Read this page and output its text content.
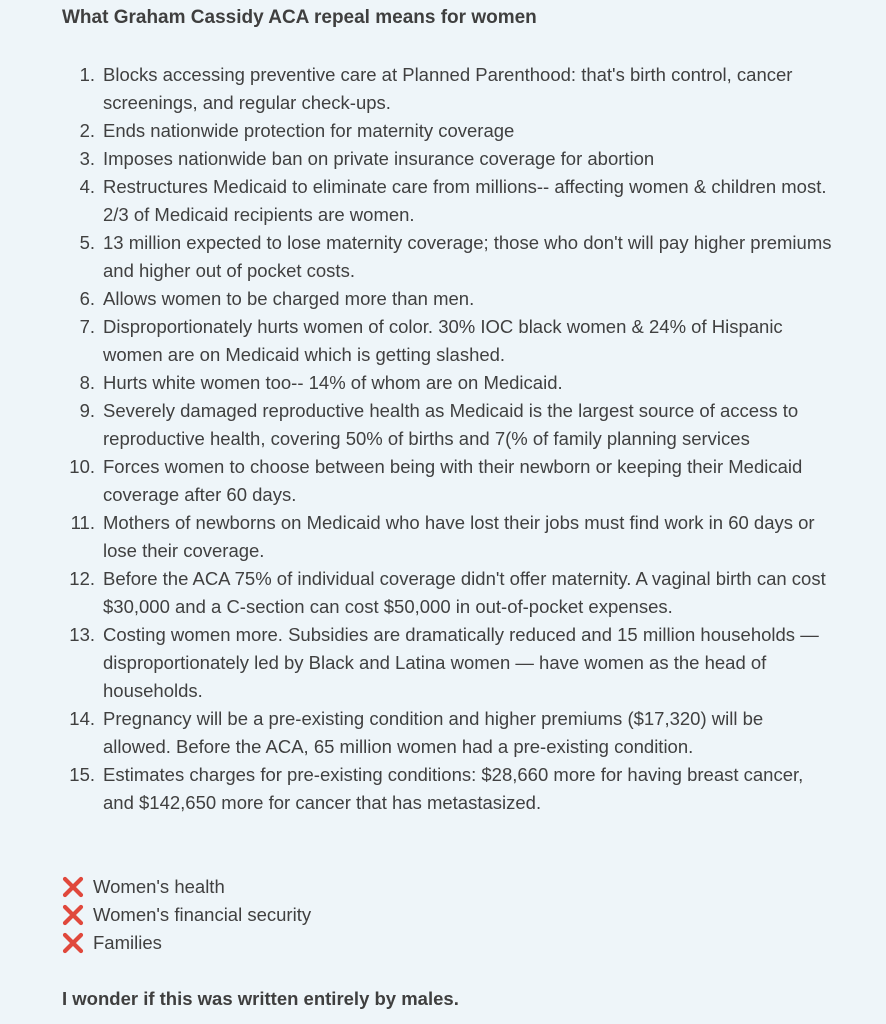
What Graham Cassidy ACA repeal means for women
1. Blocks accessing preventive care at Planned Parenthood: that's birth control, cancer screenings, and regular check-ups.
2. Ends nationwide protection for maternity coverage
3. Imposes nationwide ban on private insurance coverage for abortion
4. Restructures Medicaid to eliminate care from millions-- affecting women & children most. 2/3 of Medicaid recipients are women.
5. 13 million expected to lose maternity coverage; those who don't will pay higher premiums and higher out of pocket costs.
6. Allows women to be charged more than men.
7. Disproportionately hurts women of color. 30% IOC black women & 24% of Hispanic women are on Medicaid which is getting slashed.
8. Hurts white women too-- 14% of whom are on Medicaid.
9. Severely damaged reproductive health as Medicaid is the largest source of access to reproductive health, covering 50% of births and 7(% of family planning services
10. Forces women to choose between being with their newborn or keeping their Medicaid coverage after 60 days.
11. Mothers of newborns on Medicaid who have lost their jobs must find work in 60 days or lose their coverage.
12. Before the ACA 75% of individual coverage didn't offer maternity. A vaginal birth can cost $30,000 and a C-section can cost $50,000 in out-of-pocket expenses.
13. Costing women more. Subsidies are dramatically reduced and 15 million households — disproportionately led by Black and Latina women — have women as the head of households.
14. Pregnancy will be a pre-existing condition and higher premiums ($17,320) will be allowed. Before the ACA, 65 million women had a pre-existing condition.
15. Estimates charges for pre-existing conditions: $28,660 more for having breast cancer, and $142,650 more for cancer that has metastasized.
Women's health
Women's financial security
Families
I wonder if this was written entirely by males.
